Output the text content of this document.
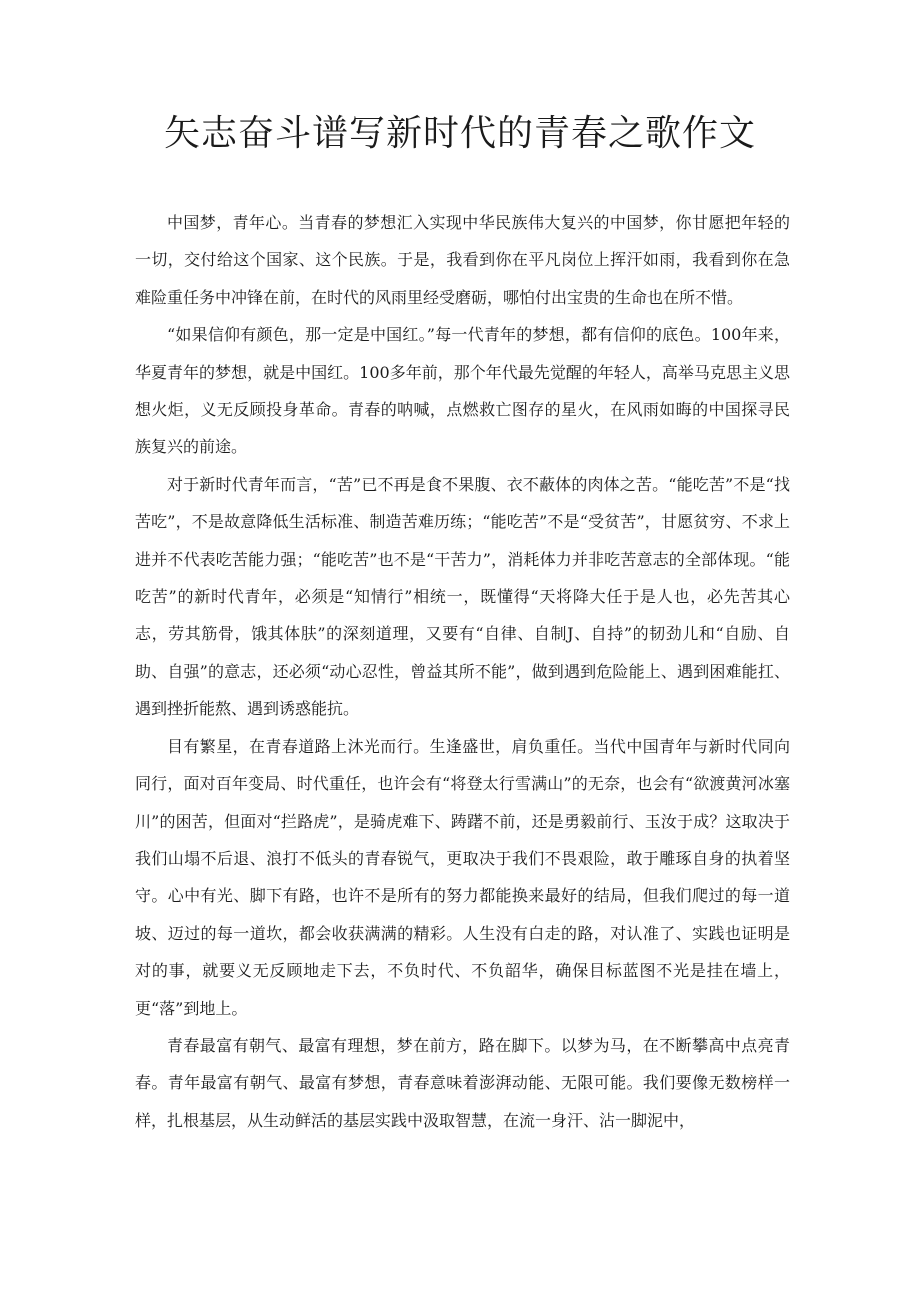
矢志奋斗谱写新时代的青春之歌作文

中国梦，青年心。当青春的梦想汇入实现中华民族伟大复兴的中国梦，你甘愿把年轻的一切，交付给这个国家、这个民族。于是，我看到你在平凡岗位上挥汗如雨，我看到你在急难险重任务中冲锋在前，在时代的风雨里经受磨砺，哪怕付出宝贵的生命也在所不惜。

“如果信仰有颜色，那一定是中国红。”每一代青年的梦想，都有信仰的底色。100年来，华夏青年的梦想，就是中国红。100多年前，那个年代最先觉醒的年轻人，高举马克思主义思想火炬，义无反顾投身革命。青春的呐喊，点燃救亡图存的星火，在风雨如晦的中国探寻民族复兴的前途。

对于新时代青年而言，“苦”已不再是食不果腹、衣不蔽体的肉体之苦。“能吃苦”不是“找苦吃”，不是故意降低生活标准、制造苦难历练；“能吃苦”不是“受贫苦”，甘愿贫穷、不求上进并不代表吃苦能力强；“能吃苦”也不是“干苦力”，消耗体力并非吃苦意志的全部体现。“能吃苦”的新时代青年，必须是“知情行”相统一，既懂得“天将降大任于是人也，必先苦其心志，劳其筋骨，饿其体肤”的深刻道理，又要有“自律、自制J、自持”的韧劲儿和“自励、自助、自强”的意志，还必须“动心忍性，曾益其所不能”，做到遇到危险能上、遇到困难能扛、遇到挫折能熬、遇到诱惑能抗。

目有繁星，在青春道路上沐光而行。生逢盛世，肩负重任。当代中国青年与新时代同向同行，面对百年变局、时代重任，也许会有“将登太行雪满山”的无奈，也会有“欲渡黄河冰塞川”的困苦，但面对“拦路虎”，是骑虎难下、踌躇不前，还是勇毅前行、玉汝于成？这取决于我们山塌不后退、浪打不低头的青春锐气，更取决于我们不畏艰险，敢于雕琢自身的执着坚守。心中有光、脚下有路，也许不是所有的努力都能换来最好的结局，但我们爬过的每一道坡、迈过的每一道坎，都会收获满满的精彩。人生没有白走的路，对认准了、实践也证明是对的事，就要义无反顾地走下去，不负时代、不负韶华，确保目标蓝图不光是挂在墙上，更“落”到地上。

青春最富有朝气、最富有理想，梦在前方，路在脚下。以梦为马，在不断攀高中点亮青春。青年最富有朝气、最富有梦想，青春意味着澎湃动能、无限可能。我们要像无数榜样一样，扎根基层，从生动鲜活的基层实践中汲取智慧，在流一身汗、沾一脚泥中，
